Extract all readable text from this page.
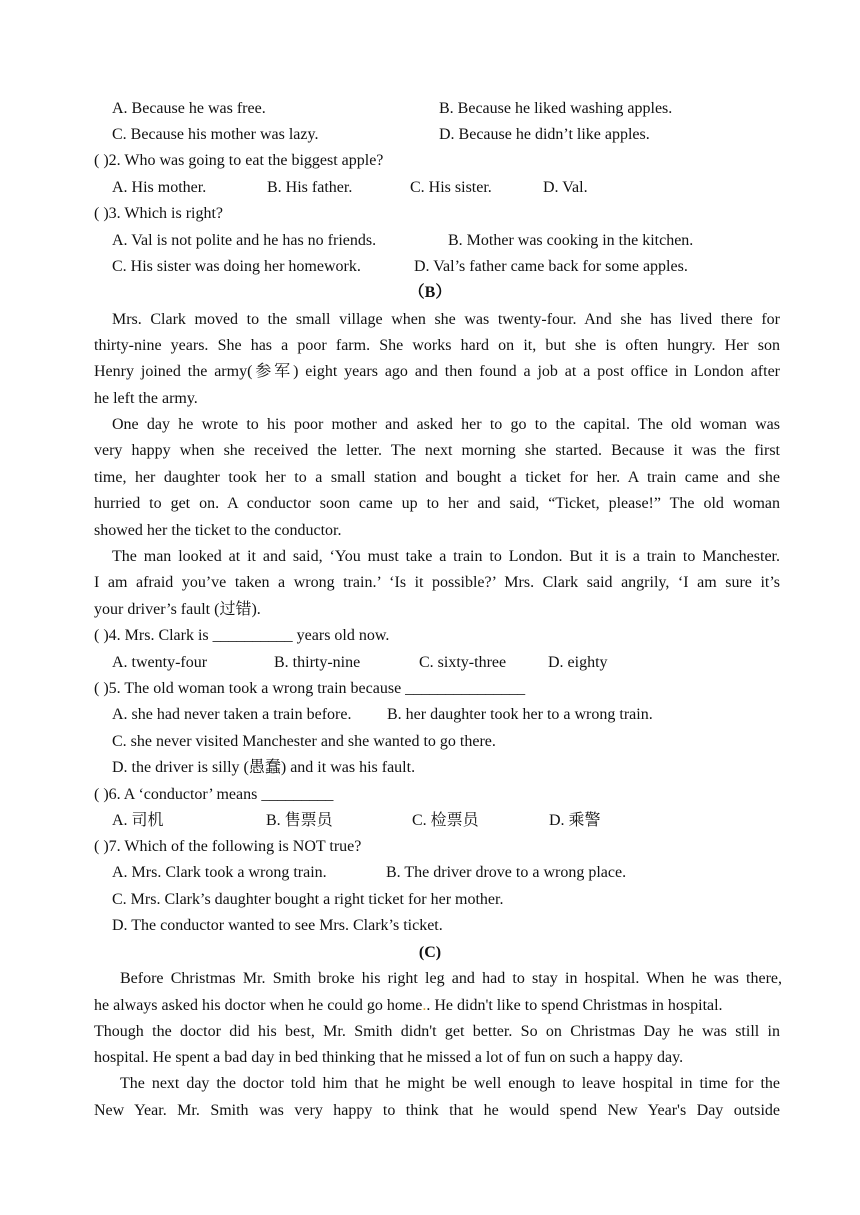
A. Because he was free.	B. Because he liked washing apples.
C. Because his mother was lazy.	D. Because he didn’t like apples.
( )2. Who was going to eat the biggest apple?
A. His mother.	B. His father.	C. His sister.	D. Val.
( )3. Which is right?
A. Val is not polite and he has no friends.	B. Mother was cooking in the kitchen.
C. His sister was doing her homework.	D. Val’s father came back for some apples.
（B）
Mrs. Clark moved to the small village when she was twenty-four. And she has lived there for
thirty-nine years. She has a poor farm. She works hard on it, but she is often hungry. Her son
Henry joined the army(参军) eight years ago and then found a job at a post office in London after
he left the army.
One day he wrote to his poor mother and asked her to go to the capital. The old woman was
very happy when she received the letter. The next morning she started. Because it was the first
time, her daughter took her to a small station and bought a ticket for her. A train came and she
hurried to get on. A conductor soon came up to her and said, “Ticket, please!” The old woman
showed her the ticket to the conductor.
The man looked at it and said, ‘You must take a train to London. But it is a train to Manchester.
I am afraid you’ve taken a wrong train.’ ‘Is it possible?’ Mrs. Clark said angrily, ‘I am sure it’s
your driver’s fault (过错).
( )4. Mrs. Clark is __________ years old now.
A. twenty-four	B. thirty-nine	C. sixty-three	D. eighty
( )5. The old woman took a wrong train because _______________
A. she had never taken a train before. B. her daughter took her to a wrong train.
C. she never visited Manchester and she wanted to go there.
D. the driver is silly (愚蠢) and it was his fault.
( )6. A ‘conductor’ means _________
A. 司机	B. 售票员	C. 检票员	D. 乘警
( )7. Which of the following is NOT true?
A. Mrs. Clark took a wrong train.	B. The driver drove to a wrong place.
C. Mrs. Clark’s daughter bought a right ticket for her mother.
D. The conductor wanted to see Mrs. Clark’s ticket.
(C)
Before Christmas Mr. Smith broke his right leg and had to stay in hospital. When he was there,
he always asked his doctor when he could go home.. He didn't like to spend Christmas in hospital.
Though the doctor did his best, Mr. Smith didn't get better. So on Christmas Day he was still in
hospital. He spent a bad day in bed thinking that he missed a lot of fun on such a happy day.
The next day the doctor told him that he might be well enough to leave hospital in time for the
New Year. Mr. Smith was very happy to think that he would spend New Year's Day outside
